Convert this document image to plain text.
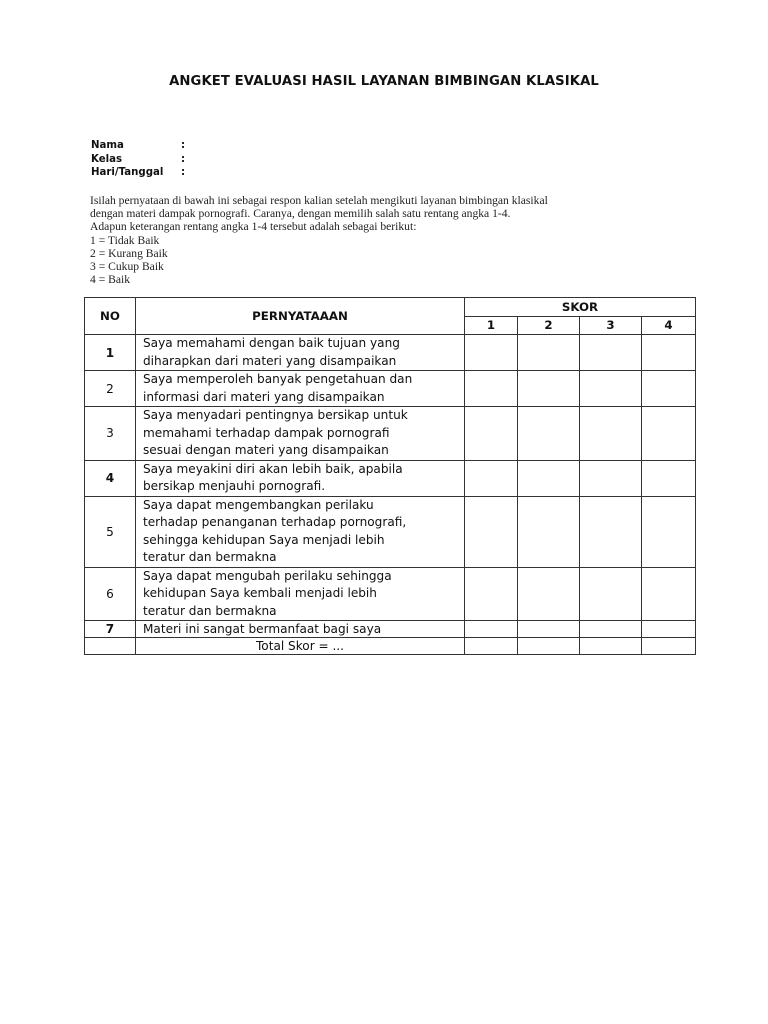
ANGKET EVALUASI HASIL LAYANAN BIMBINGAN KLASIKAL
Nama	:
Kelas	:
Hari/Tanggal	:
Isilah pernyataan di bawah ini sebagai respon kalian setelah mengikuti layanan bimbingan klasikal
dengan materi dampak pornografi. Caranya, dengan memilih salah satu rentang angka 1-4.
Adapun keterangan rentang angka 1-4 tersebut adalah sebagai berikut:
1 = Tidak Baik
2 = Kurang Baik
3 = Cukup Baik
4 = Baik
NO	PERNYATAAAN	SKOR			
		1	2	3	4
1	Saya memahami dengan baik tujuan yang
diharapkan dari materi yang disampaikan				
2	Saya memperoleh banyak pengetahuan dan
informasi dari materi yang disampaikan				
3	Saya menyadari pentingnya bersikap untuk
memahami terhadap dampak pornografi
sesuai dengan materi yang disampaikan				
4	Saya meyakini diri akan lebih baik, apabila
bersikap menjauhi pornografi.				
5	Saya dapat mengembangkan perilaku
terhadap penanganan terhadap pornografi,
sehingga kehidupan Saya menjadi lebih
teratur dan bermakna				
6	Saya dapat mengubah perilaku sehingga
kehidupan Saya kembali menjadi lebih
teratur dan bermakna				
7	Materi ini sangat bermanfaat bagi saya				
	Total Skor = ...				
